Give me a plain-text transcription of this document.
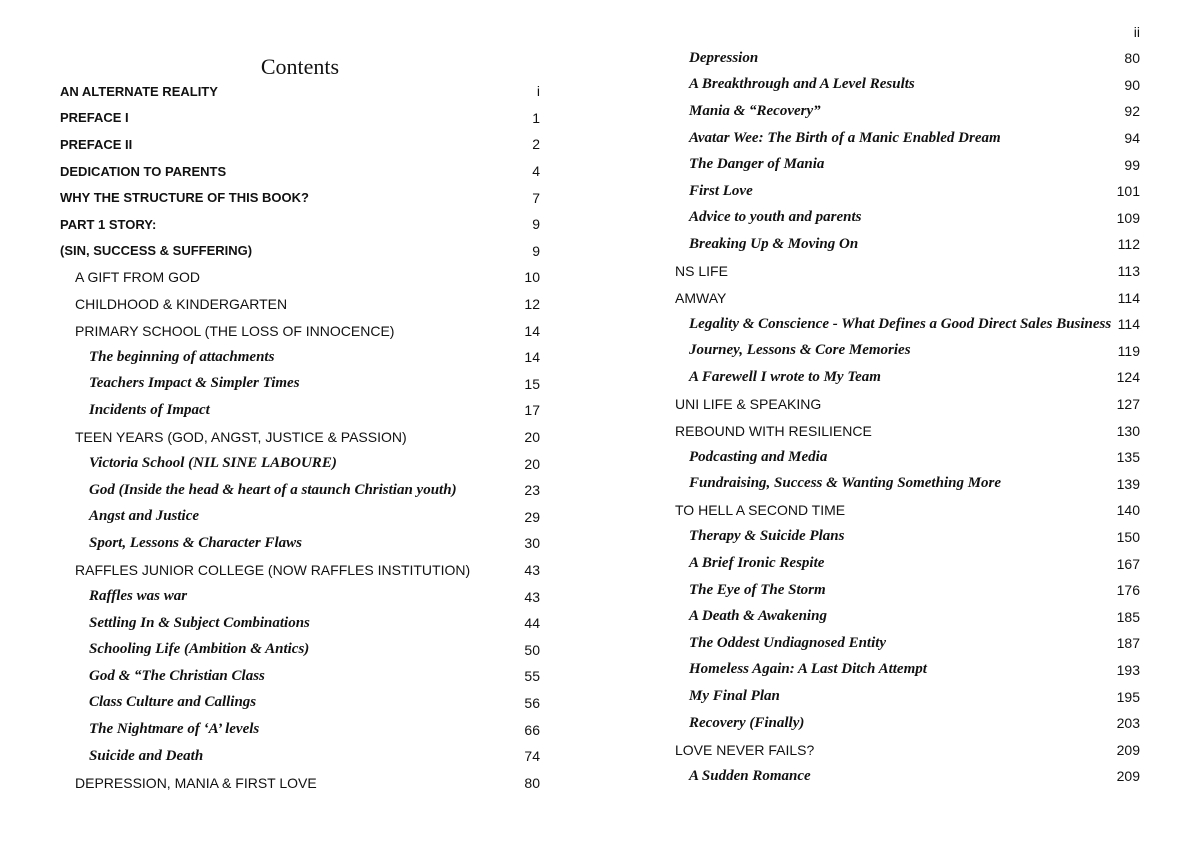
Contents
AN ALTERNATE REALITY	i
PREFACE I	1
PREFACE II	2
DEDICATION TO PARENTS	4
WHY THE STRUCTURE OF THIS BOOK?	7
PART 1 STORY:	9
(SIN, SUCCESS & SUFFERING)	9
A GIFT FROM GOD	10
CHILDHOOD & KINDERGARTEN	12
PRIMARY SCHOOL (THE LOSS OF INNOCENCE)	14
The beginning of attachments	14
Teachers Impact & Simpler Times	15
Incidents of Impact	17
TEEN YEARS (GOD, ANGST, JUSTICE & PASSION)	20
Victoria School (NIL SINE LABOURE)	20
God (Inside the head & heart of a staunch Christian youth)	23
Angst and Justice	29
Sport, Lessons & Character Flaws	30
RAFFLES JUNIOR COLLEGE (NOW RAFFLES INSTITUTION)	43
Raffles was war	43
Settling In & Subject Combinations	44
Schooling Life (Ambition & Antics)	50
God & “The Christian Class	55
Class Culture and Callings	56
The Nightmare of ‘A’ levels	66
Suicide and Death	74
DEPRESSION, MANIA & FIRST LOVE	80
ii
Depression	80
A Breakthrough and A Level Results	90
Mania & “Recovery”	92
Avatar Wee: The Birth of a Manic Enabled Dream	94
The Danger of Mania	99
First Love	101
Advice to youth and parents	109
Breaking Up & Moving On	112
NS LIFE	113
AMWAY	114
Legality & Conscience - What Defines a Good Direct Sales Business 114
Journey, Lessons & Core Memories	119
A Farewell I wrote to My Team	124
UNI LIFE & SPEAKING	127
REBOUND WITH RESILIENCE	130
Podcasting and Media	135
Fundraising, Success & Wanting Something More	139
TO HELL A SECOND TIME	140
Therapy & Suicide Plans	150
A Brief Ironic Respite	167
The Eye of The Storm	176
A Death & Awakening	185
The Oddest Undiagnosed Entity	187
Homeless Again: A Last Ditch Attempt	193
My Final Plan	195
Recovery (Finally)	203
LOVE NEVER FAILS?	209
A Sudden Romance	209
